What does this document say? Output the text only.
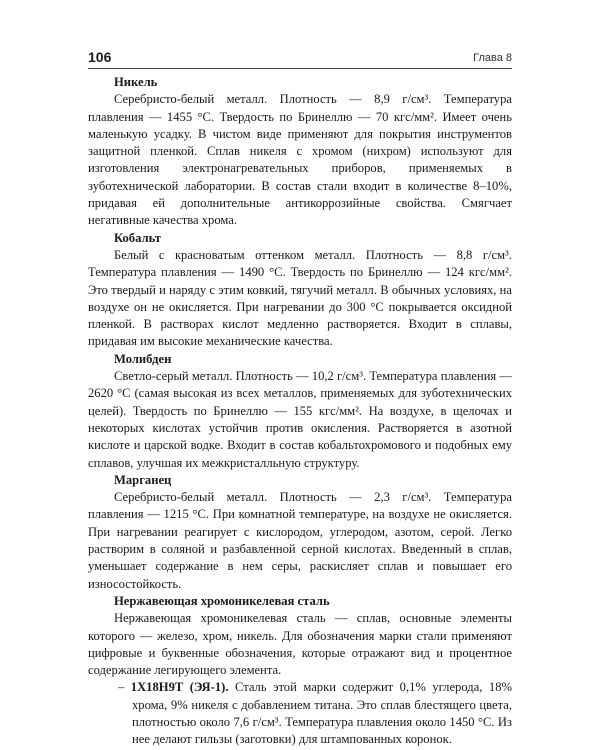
106	Глава 8

Никель

Серебристо-белый металл. Плотность — 8,9 г/см³. Температура плавления — 1455 °С. Твердость по Бринеллю — 70 кгс/мм². Имеет очень маленькую усадку. В чистом виде применяют для покрытия инструментов защитной пленкой. Сплав никеля с хромом (нихром) используют для изготовления электронагревательных приборов, применяемых в зуботехнической лаборатории. В состав стали входит в количестве 8–10%, придавая ей дополнительные антикоррозийные свойства. Смягчает негативные качества хрома.

Кобальт

Белый с красноватым оттенком металл. Плотность — 8,8 г/см³. Температура плавления — 1490 °С. Твердость по Бринеллю — 124 кгс/мм². Это твердый и наряду с этим ковкий, тягучий металл. В обычных условиях, на воздухе он не окисляется. При нагревании до 300 °С покрывается оксидной пленкой. В растворах кислот медленно растворяется. Входит в сплавы, придавая им высокие механические качества.

Молибден

Светло-серый металл. Плотность — 10,2 г/см³. Температура плавления — 2620 °С (самая высокая из всех металлов, применяемых для зуботехнических целей). Твердость по Бринеллю — 155 кгс/мм². На воздухе, в щелочах и некоторых кислотах устойчив против окисления. Растворяется в азотной кислоте и царской водке. Входит в состав кобальтохромового и подобных ему сплавов, улучшая их межкристалльную структуру.

Марганец

Серебристо-белый металл. Плотность — 2,3 г/см³. Температура плавления — 1215 °С. При комнатной температуре, на воздухе не окисляется. При нагревании реагирует с кислородом, углеродом, азотом, серой. Легко растворим в соляной и разбавленной серной кислотах. Введенный в сплав, уменьшает содержание в нем серы, раскисляет сплав и повышает его износостойкость.

Нержавеющая хромоникелевая сталь

Нержавеющая хромоникелевая сталь — сплав, основные элементы которого — железо, хром, никель. Для обозначения марки стали применяют цифровые и буквенные обозначения, которые отражают вид и процентное содержание легирующего элемента.

– 1Х18Н9Т (ЭЯ-1). Сталь этой марки содержит 0,1% углерода, 18% хрома, 9% никеля с добавлением титана. Это сплав блестящего цвета, плотностью около 7,6 г/см³. Температура плавления около 1450 °С. Из нее делают гильзы (заготовки) для штампованных коронок.
